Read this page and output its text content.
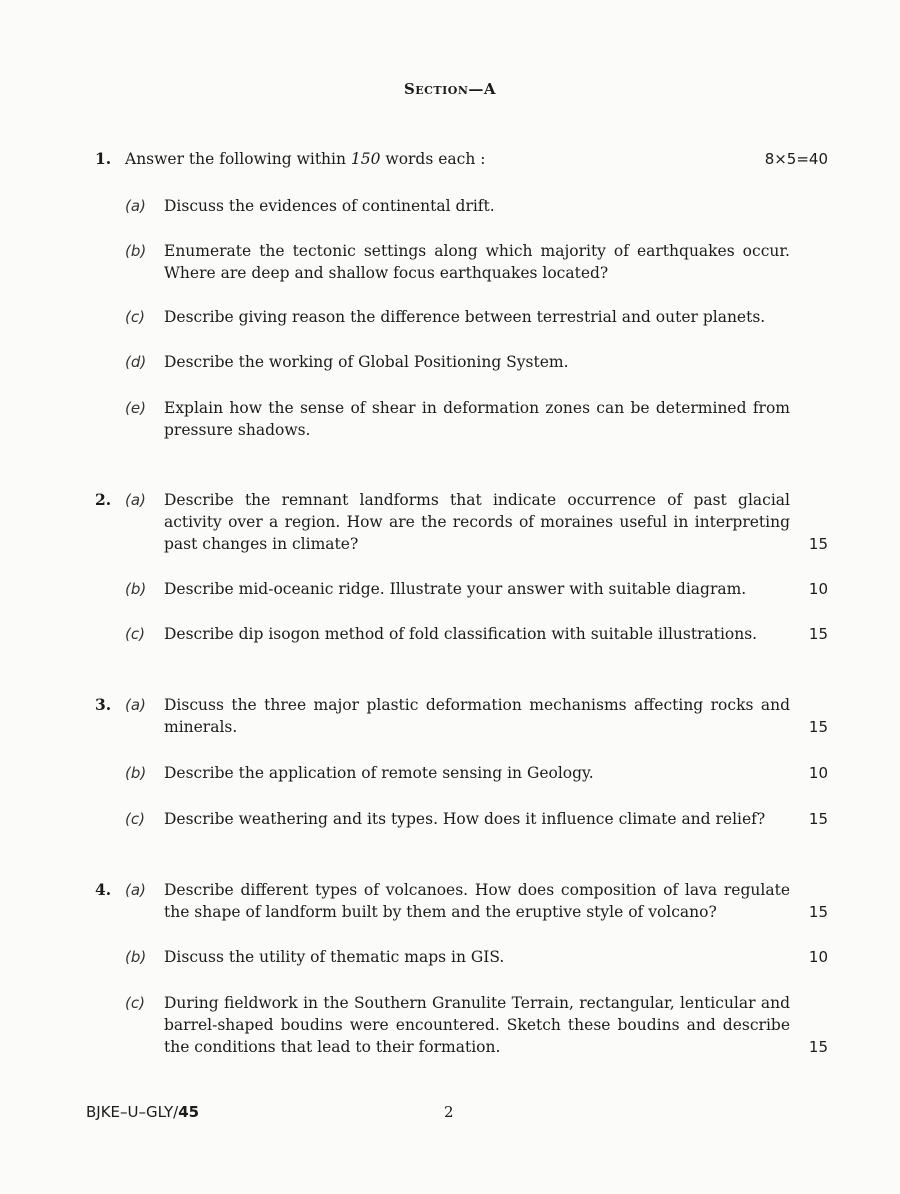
Section—A
1. Answer the following within 150 words each :	8×5=40
(a) Discuss the evidences of continental drift.
(b) Enumerate the tectonic settings along which majority of earthquakes occur. Where are deep and shallow focus earthquakes located?
(c) Describe giving reason the difference between terrestrial and outer planets.
(d) Describe the working of Global Positioning System.
(e) Explain how the sense of shear in deformation zones can be determined from pressure shadows.
2. (a) Describe the remnant landforms that indicate occurrence of past glacial activity over a region. How are the records of moraines useful in interpreting past changes in climate?	15
(b) Describe mid-oceanic ridge. Illustrate your answer with suitable diagram.	10
(c) Describe dip isogon method of fold classification with suitable illustrations.	15
3. (a) Discuss the three major plastic deformation mechanisms affecting rocks and minerals.	15
(b) Describe the application of remote sensing in Geology.	10
(c) Describe weathering and its types. How does it influence climate and relief?	15
4. (a) Describe different types of volcanoes. How does composition of lava regulate the shape of landform built by them and the eruptive style of volcano?	15
(b) Discuss the utility of thematic maps in GIS.	10
(c) During fieldwork in the Southern Granulite Terrain, rectangular, lenticular and barrel-shaped boudins were encountered. Sketch these boudins and describe the conditions that lead to their formation.	15
BJKE–U–GLY/45	2
